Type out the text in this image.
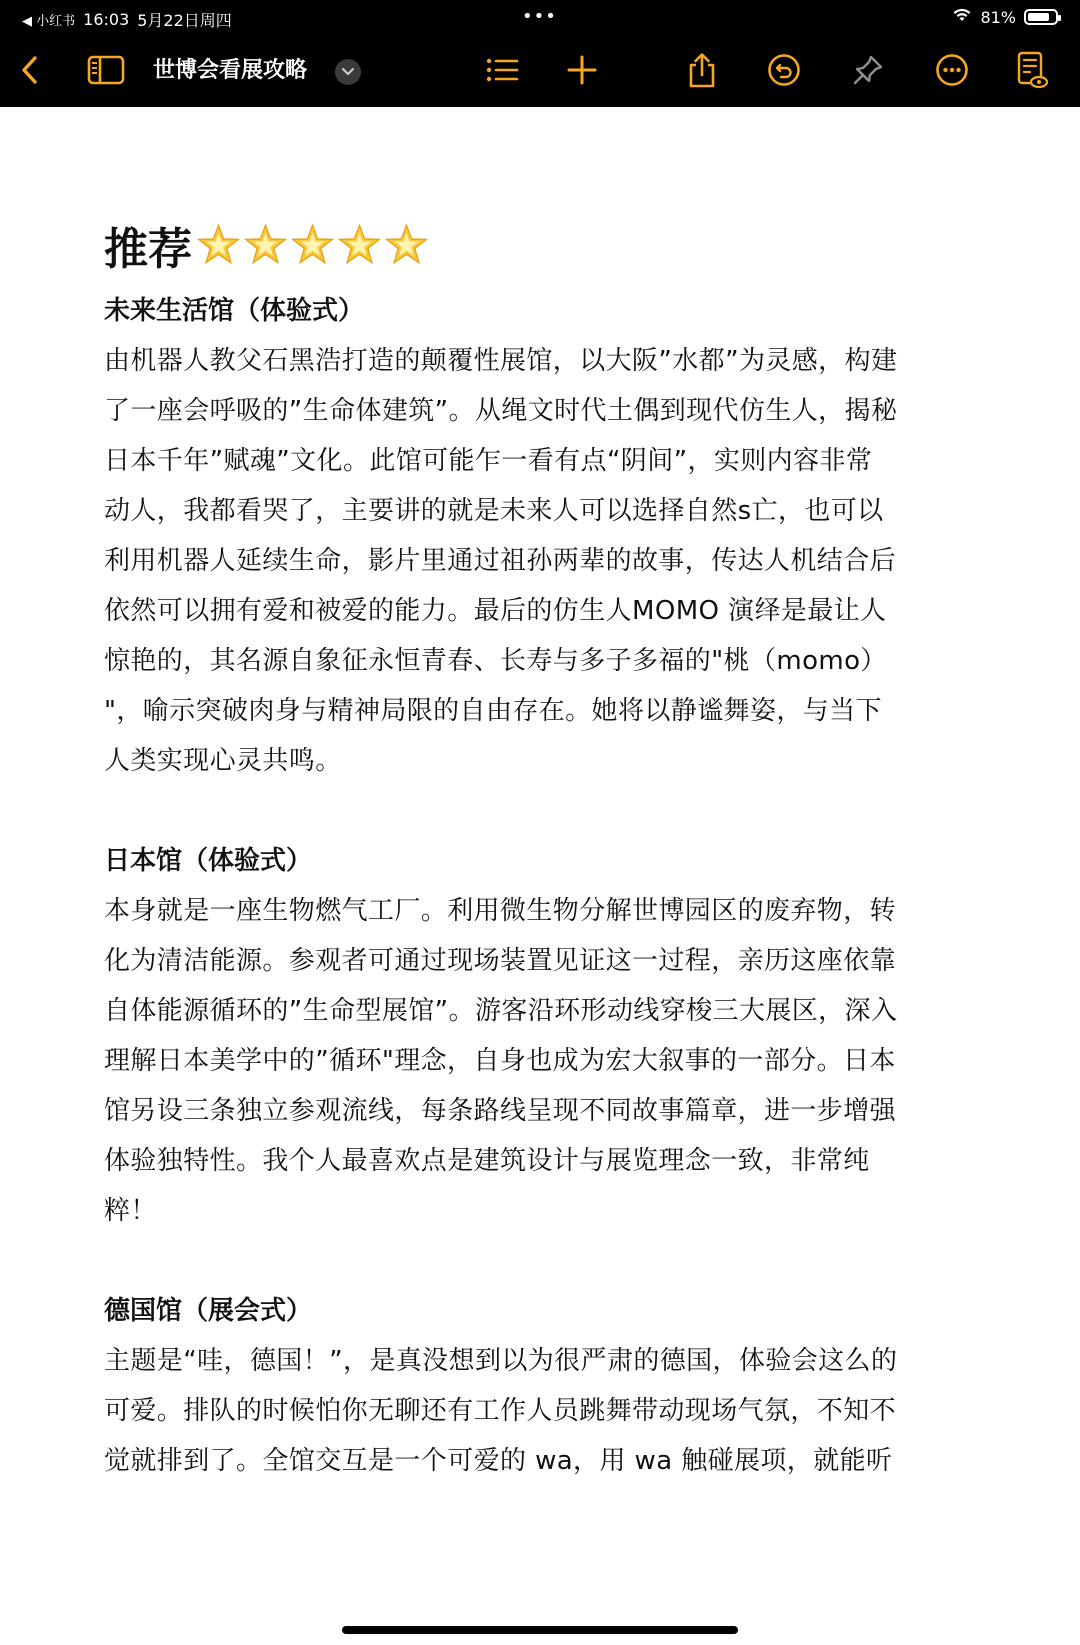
◀ 小红书 16:03 5月22日周四	•••	81%
世博会看展攻略
推荐
未来生活馆（体验式）
由机器人教父石黑浩打造的颠覆性展馆，以大阪”水都”为灵感，构建
了一座会呼吸的”生命体建筑”。从绳文时代土偶到现代仿生人，揭秘
日本千年”赋魂”文化。此馆可能乍一看有点“阴间”，实则内容非常
动人，我都看哭了，主要讲的就是未来人可以选择自然s亡，也可以
利用机器人延续生命，影片里通过祖孙两辈的故事，传达人机结合后
依然可以拥有爱和被爱的能力。最后的仿生人MOMO 演绎是最让人
惊艳的，其名源自象征永恒青春、长寿与多子多福的"桃（momo）
"，喻示突破肉身与精神局限的自由存在。她将以静谧舞姿，与当下
人类实现心灵共鸣。
日本馆（体验式）
本身就是一座生物燃气工厂。利用微生物分解世博园区的废弃物，转
化为清洁能源。参观者可通过现场装置见证这一过程，亲历这座依靠
自体能源循环的”生命型展馆”。游客沿环形动线穿梭三大展区，深入
理解日本美学中的”循环"理念，自身也成为宏大叙事的一部分。日本
馆另设三条独立参观流线，每条路线呈现不同故事篇章，进一步增强
体验独特性。我个人最喜欢点是建筑设计与展览理念一致，非常纯
粹！
德国馆（展会式）
主题是“哇，德国！”，是真没想到以为很严肃的德国，体验会这么的
可爱。排队的时候怕你无聊还有工作人员跳舞带动现场气氛，不知不
觉就排到了。全馆交互是一个可爱的 wa，用 wa 触碰展项，就能听
